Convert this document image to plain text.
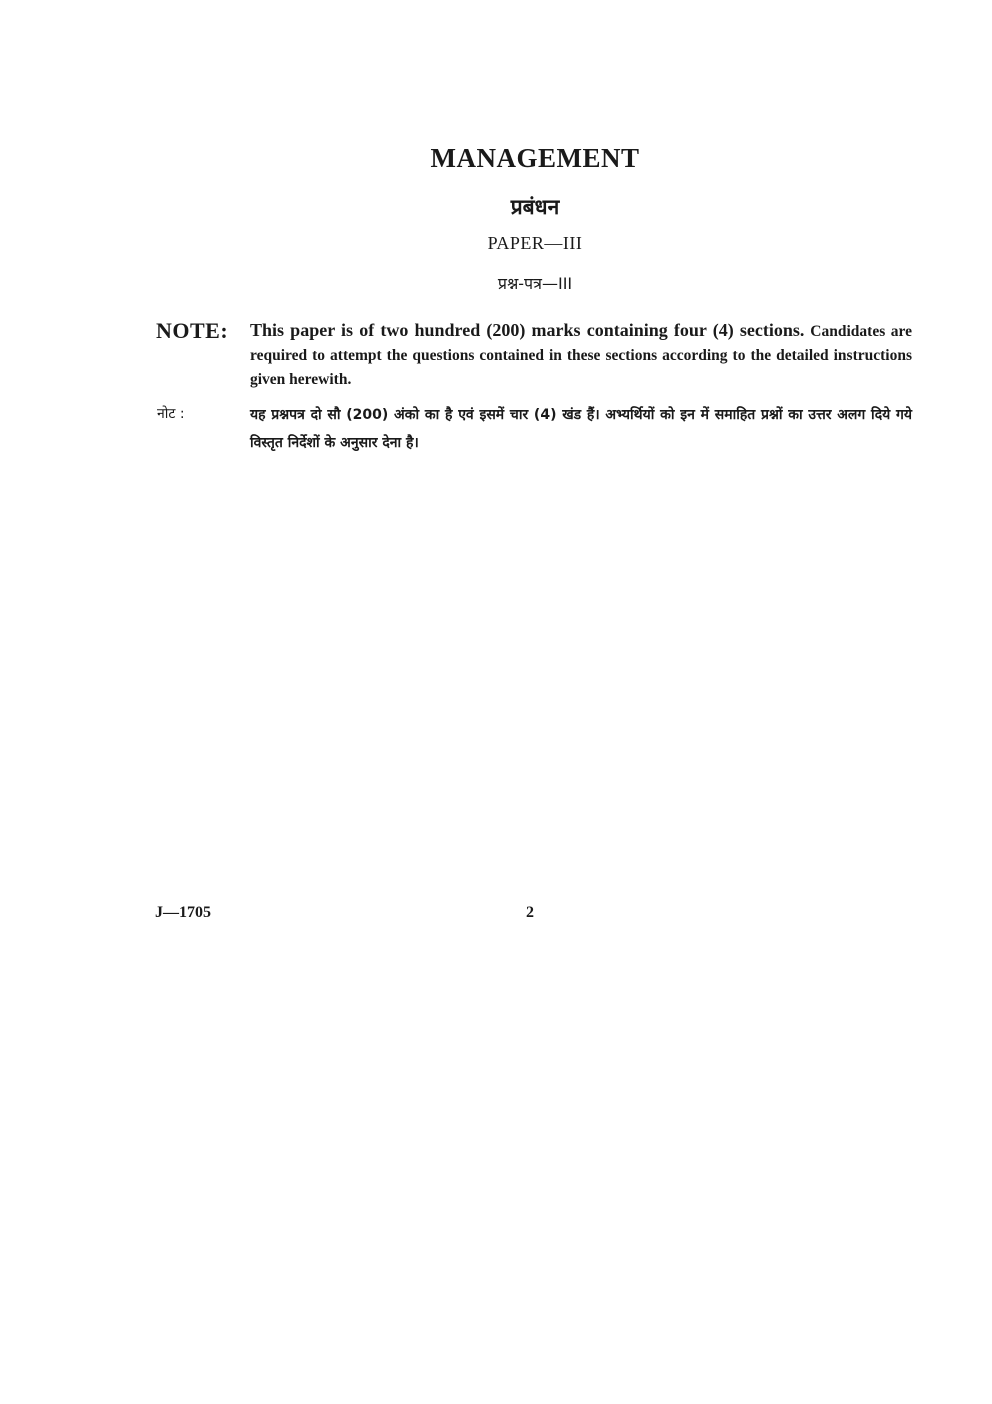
MANAGEMENT
प्रबंधन
PAPER—III
प्रश्न-पत्र—III
NOTE: This paper is of two hundred (200) marks containing four (4) sections. Candidates are required to attempt the questions contained in these sections according to the detailed instructions given herewith.
नोट :	यह प्रश्नपत्र दो सौ (200) अंको का है एवं इसमें चार (4) खंड हैं। अभ्यर्थियों को इन में समाहित प्रश्नों का उत्तर अलग दिये गये विस्तृत निर्देशों के अनुसार देना है।
J—1705	2
